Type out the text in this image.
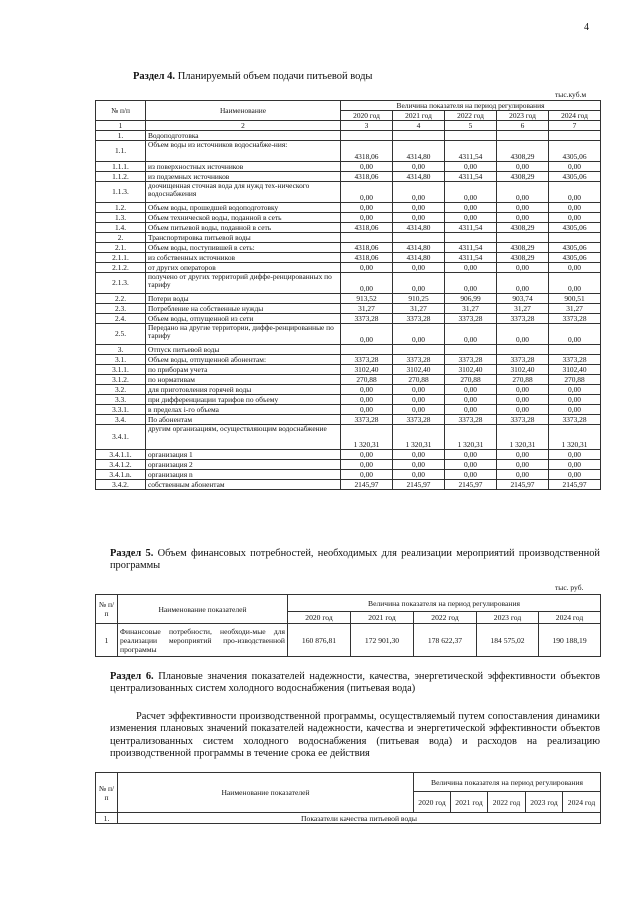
4
Раздел 4. Планируемый объем подачи питьевой воды
тыс.куб.м
№ п/п	Наименование	Величина показателя на период регулирования				
		2020 год	2021 год	2022 год	2023 год	2024 год
1	2	3	4	5	6	7
1.	Водоподготовка					
1.1.	Объем воды из источников водоснабже-ния:	4318,06	4314,80	4311,54	4308,29	4305,06
1.1.1.	из поверхностных источников	0,00	0,00	0,00	0,00	0,00
1.1.2.	из подземных источников	4318,06	4314,80	4311,54	4308,29	4305,06
1.1.3.	доочищенная сточная вода для нужд тех-нического водоснабжения	0,00	0,00	0,00	0,00	0,00
1.2.	Объем воды, прошедшей водоподготовку	0,00	0,00	0,00	0,00	0,00
1.3.	Объем технической воды, поданной в сеть	0,00	0,00	0,00	0,00	0,00
1.4.	Объем питьевой воды, поданной в сеть	4318,06	4314,80	4311,54	4308,29	4305,06
2.	Транспортировка питьевой воды					
2.1.	Объем воды, поступившей в сеть:	4318,06	4314,80	4311,54	4308,29	4305,06
2.1.1.	из собственных источников	4318,06	4314,80	4311,54	4308,29	4305,06
2.1.2.	от других операторов	0,00	0,00	0,00	0,00	0,00
2.1.3.	получено от других территорий диффе-ренцированных по тарифу	0,00	0,00	0,00	0,00	0,00
2.2.	Потери воды	913,52	910,25	906,99	903,74	900,51
2.3.	Потребление на собственные нужды	31,27	31,27	31,27	31,27	31,27
2.4.	Объем воды, отпущенной из сети	3373,28	3373,28	3373,28	3373,28	3373,28
2.5.	Передано на другие территории, диффе-ренцированные по тарифу	0,00	0,00	0,00	0,00	0,00
3.	Отпуск питьевой воды					
3.1.	Объем воды, отпущенной абонентам:	3373,28	3373,28	3373,28	3373,28	3373,28
3.1.1.	по приборам учета	3102,40	3102,40	3102,40	3102,40	3102,40
3.1.2.	по нормативам	270,88	270,88	270,88	270,88	270,88
3.2.	для приготовления горячей воды	0,00	0,00	0,00	0,00	0,00
3.3.	при дифференциации тарифов по объему	0,00	0,00	0,00	0,00	0,00
3.3.1.	в пределах i-го объема	0,00	0,00	0,00	0,00	0,00
3.4.	По абонентам	3373,28	3373,28	3373,28	3373,28	3373,28
3.4.1.	другим организациям, осуществляющим водоснабжение	1 320,31	1 320,31	1 320,31	1 320,31	1 320,31
3.4.1.1.	организация 1	0,00	0,00	0,00	0,00	0,00
3.4.1.2.	организация 2	0,00	0,00	0,00	0,00	0,00
3.4.1.n.	организация n	0,00	0,00	0,00	0,00	0,00
3.4.2.	собственным абонентам	2145,97	2145,97	2145,97	2145,97	2145,97
Раздел 5. Объем финансовых потребностей, необходимых для реализации мероприятий производственной программы
тыс. руб.
№ п/п	Наименование показателей	Величина показателя на период регулирования				
		2020 год	2021 год	2022 год	2023 год	2024 год
1	Финансовые потребности, необходи-мые для реализации мероприятий про-изводственной программы	160 876,81	172 901,30	178 622,37	184 575,02	190 188,19
Раздел 6. Плановые значения показателей надежности, качества, энергетической эффективности объектов централизованных систем холодного водоснабжения (питьевая вода)
Расчет эффективности производственной программы, осуществляемый путем сопоставления динамики изменения плановых значений показателей надежности, качества и энергетической эффективности объектов централизованных систем холодного водоснабжения (питьевая вода) и расходов на реализацию производственной программы в течение срока ее действия
№ п/п	Наименование показателей	Величина показателя на период регулирования				
		2020 год	2021 год	2022 год	2023 год	2024 год
1.	Показатели качества питьевой воды					
